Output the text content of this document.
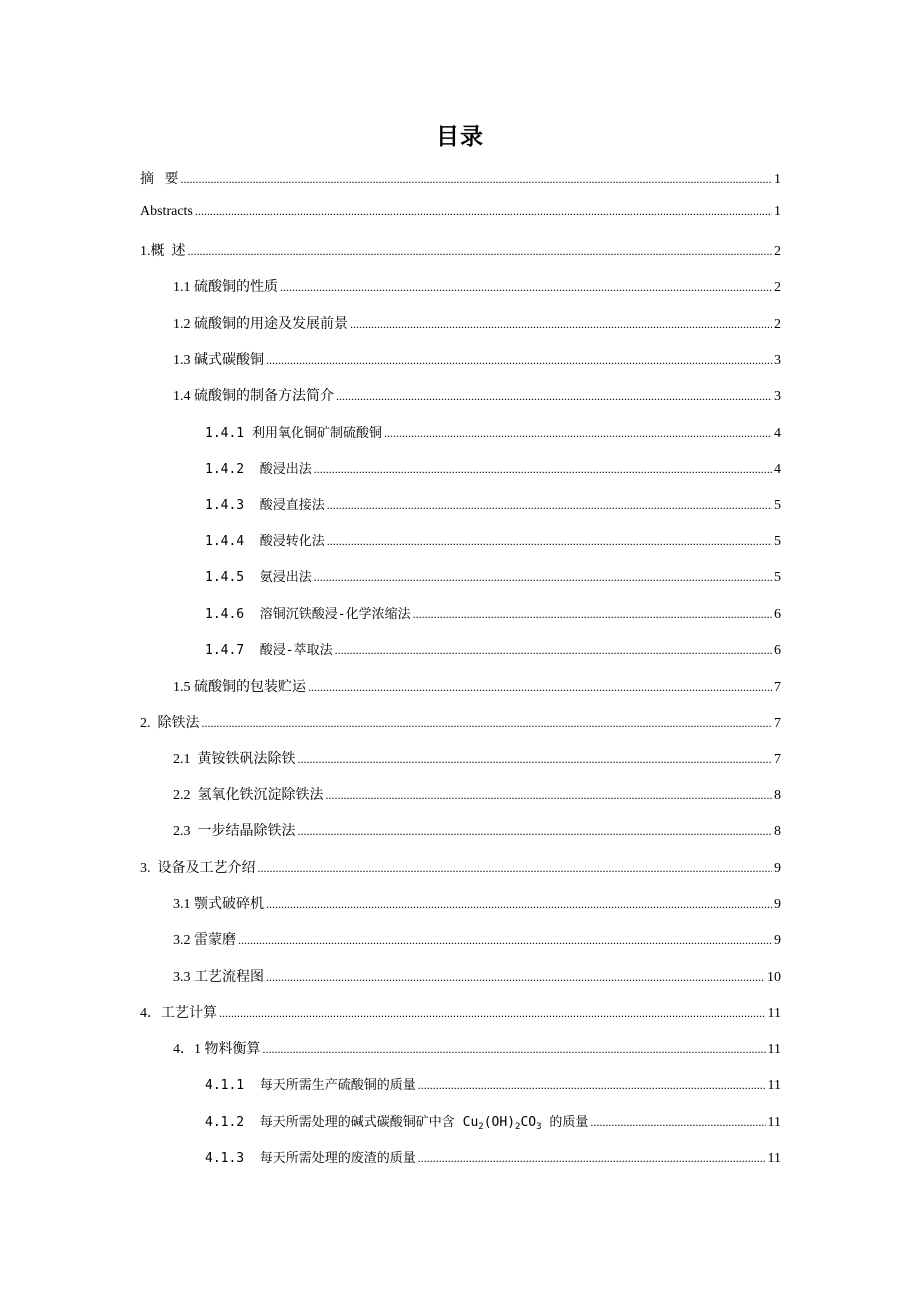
目录
摘   要 .....	1
Abstracts .....	1
1.概  述 .....	2
1.1 硫酸铜的性质 .....	2
1.2 硫酸铜的用途及发展前景 .....	2
1.3 碱式碳酸铜 .....	3
1.4 硫酸铜的制备方法简介 .....	3
1.4.1 利用氧化铜矿制硫酸铜 .....	4
1.4.2  酸浸出法 .....	4
1.4.3  酸浸直接法 .....	5
1.4.4  酸浸转化法 .....	5
1.4.5  氨浸出法 .....	5
1.4.6  溶铜沉铁酸浸-化学浓缩法 .....	6
1.4.7  酸浸-萃取法 .....	6
1.5 硫酸铜的包装贮运 .....	7
2.  除铁法 .....	7
2.1  黄铵铁矾法除铁 .....	7
2.2  氢氧化铁沉淀除铁法 .....	8
2.3  一步结晶除铁法 .....	8
3.  设备及工艺介绍 .....	9
3.1 颚式破碎机 .....	9
3.2 雷蒙磨 .....	9
3.3 工艺流程图 .....	10
4．工艺计算 .....	11
4．1 物料衡算 .....	11
4.1.1  每天所需生产硫酸铜的质量 .....	11
4.1.2  每天所需处理的碱式碳酸铜矿中含 $Cu_2(OH)_2CO_3$ 的质量 .....	11
4.1.3  每天所需处理的废渣的质量 .....	11
